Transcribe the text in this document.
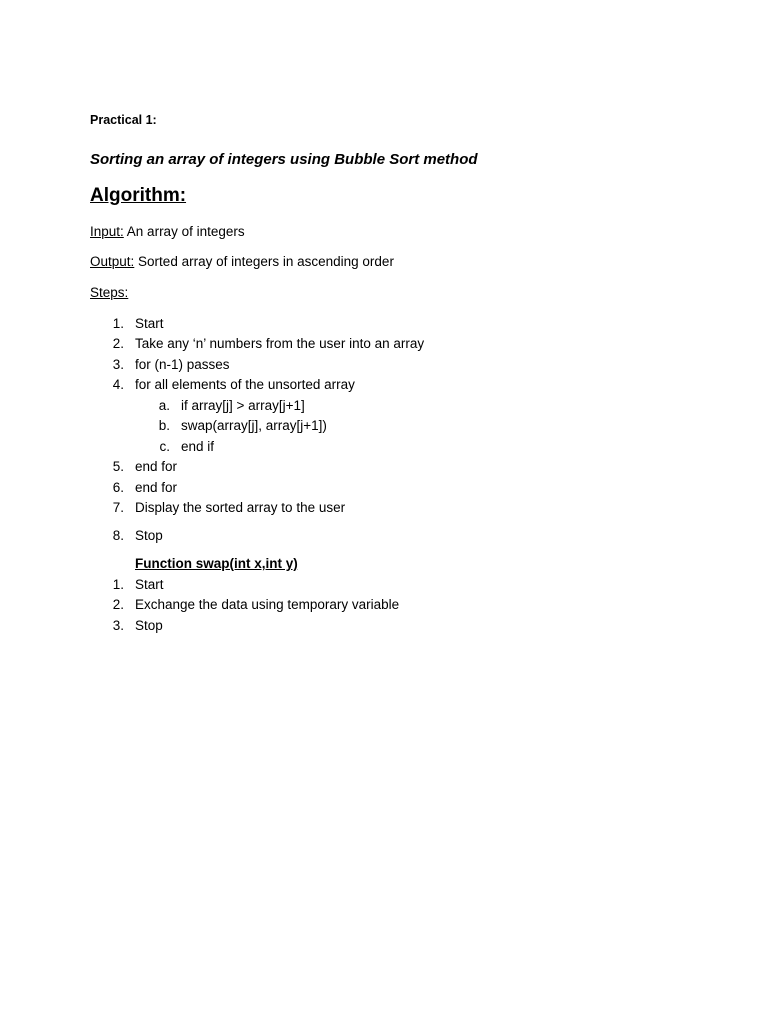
Practical 1:
Sorting an array of integers using Bubble Sort method
Algorithm:
Input: An array of integers
Output: Sorted array of integers in ascending order
Steps:
1. Start
2. Take any ‘n’ numbers from the user into an array
3. for (n-1) passes
4. for all elements of the unsorted array
a. if array[j] > array[j+1]
b. swap(array[j], array[j+1])
c. end if
5. end for
6. end for
7. Display the sorted array to the user
8. Stop
Function swap(int x,int y)
1. Start
2. Exchange the data using temporary variable
3. Stop
